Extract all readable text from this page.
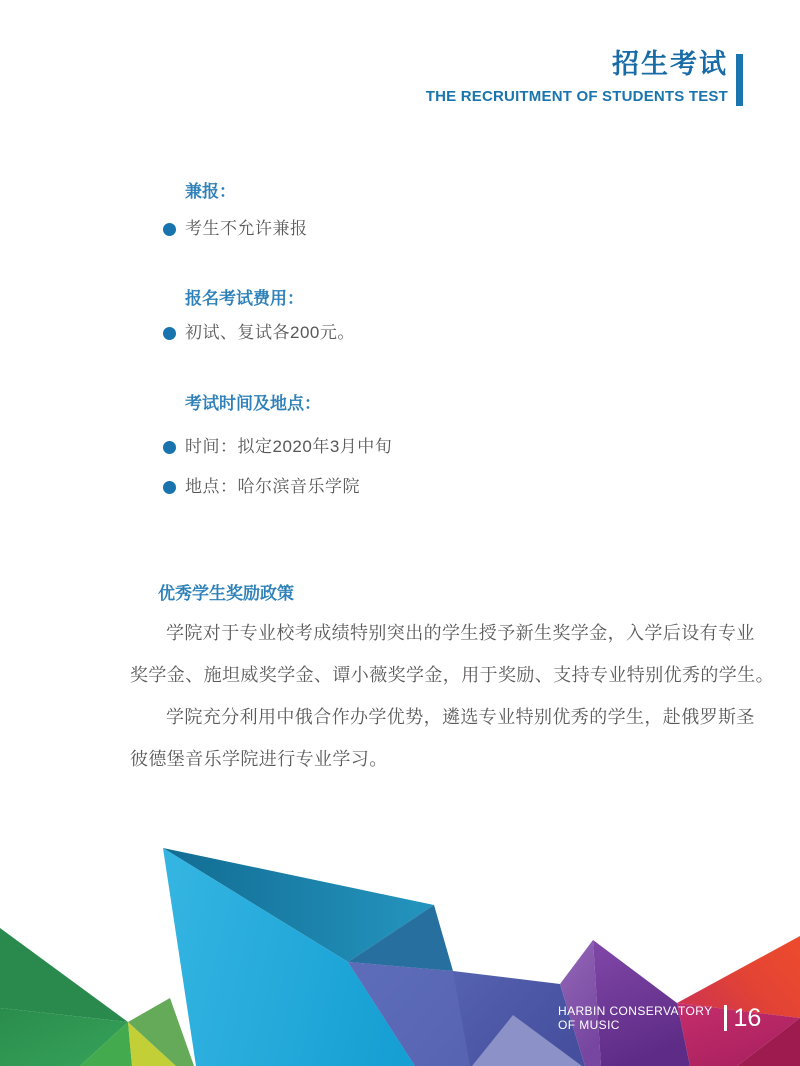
招生考试
THE RECRUITMENT OF STUDENTS TEST
兼报：
考生不允许兼报
报名考试费用：
初试、复试各200元。
考试时间及地点：
时间：拟定2020年3月中旬
地点：哈尔滨音乐学院
优秀学生奖励政策
学院对于专业校考成绩特别突出的学生授予新生奖学金，入学后设有专业
奖学金、施坦威奖学金、谭小薇奖学金，用于奖励、支持专业特别优秀的学生。
学院充分利用中俄合作办学优势，遴选专业特别优秀的学生，赴俄罗斯圣
彼德堡音乐学院进行专业学习。
HARBIN CONSERVATORY
OF MUSIC	16
